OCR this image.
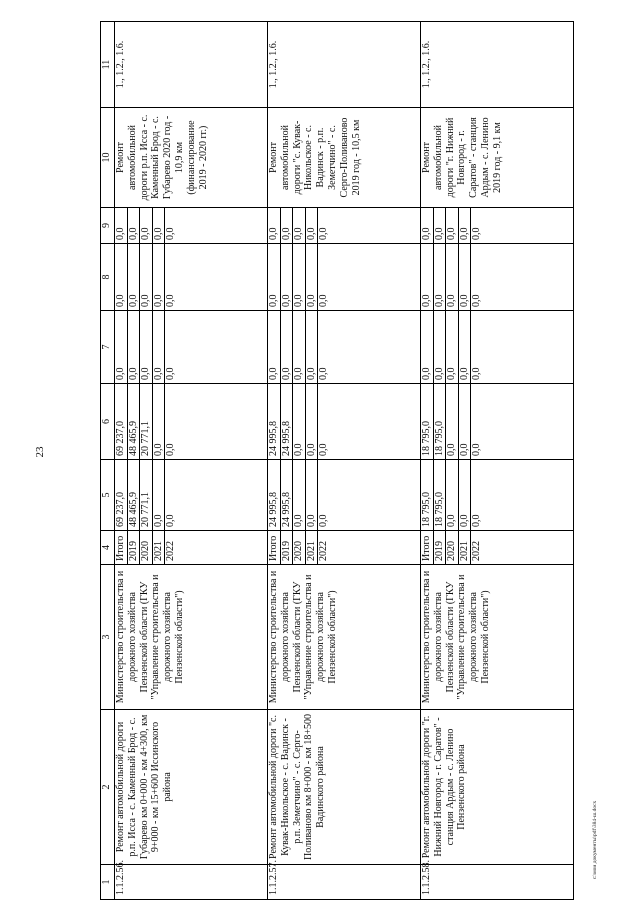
23
1	2	3	4	5	6	7	8	9	10	11
1.1.2.56.	Ремонт автомобильной дороги р.п. Исса - с. Каменный Брод - с. Губарево км 0+000 - км 4+300, км 9+000 - км 15+600 Иссинского района	Министерство строительства и дорожного хозяйства Пензенской области (ГКУ "Управление строительства и дорожного хозяйства Пензенской области")	Итого 2019 2020 2021 2022	69 237,0 48 465,9 20 771,1 0,0 0,0	69 237,0 48 465,9 20 771,1 0,0 0,0	0,0 0,0 0,0 0,0 0,0	0,0 0,0 0,0 0,0 0,0	0,0 0,0 0,0 0,0 0,0	Ремонт автомобильной дороги р.п. Исса - с. Каменный Брод - с. Губарево 2020 год - 10,9 км (финансирование 2019 - 2020 гг.)	1., 1.2., 1.6.
1.1.2.57.	Ремонт автомобильной дороги "с. Кувак-Никольское - с. Вадинск - р.п. Земетчино" - с. Серго-Поливаново км 8+000 - км 18+500 Вадинского района	Министерство строительства и дорожного хозяйства Пензенской области (ГКУ "Управление строительства и дорожного хозяйства Пензенской области")	Итого 2019 2020 2021 2022	24 995,8 24 995,8 0,0 0,0 0,0	24 995,8 24 995,8 0,0 0,0 0,0	0,0 0,0 0,0 0,0 0,0	0,0 0,0 0,0 0,0 0,0	0,0 0,0 0,0 0,0 0,0	Ремонт автомобильной дороги "с. Кувак-Никольское - с. Вадинск - р.п. Земетчино" - с. Серго-Поливаново 2019 год - 10,5 км	1., 1.2., 1.6.
1.1.2.58.	Ремонт автомобильной дороги "г. Нижний Новгород - г. Саратов" - станция Ардым - с. Ленино Пензенского района	Министерство строительства и дорожного хозяйства Пензенской области (ГКУ "Управление строительства и дорожного хозяйства Пензенской области")	Итого 2019 2020 2021 2022	18 795,0 18 795,0 0,0 0,0 0,0	18 795,0 18 795,0 0,0 0,0 0,0	0,0 0,0 0,0 0,0 0,0	0,0 0,0 0,0 0,0 0,0	0,0 0,0 0,0 0,0 0,0	Ремонт автомобильной дороги "г. Нижний Новгород - г. Саратов" - станция Ардым - с. Ленино 2019 год - 9,1 км	1., 1.2., 1.6.
c:\мои документы\pdf\384-ш.docx
